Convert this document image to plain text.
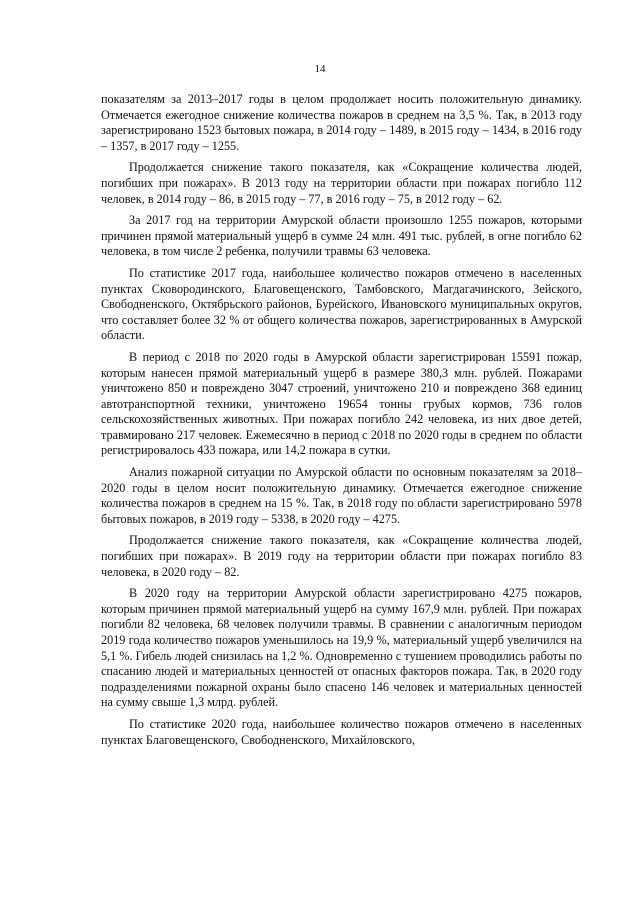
14

показателям за 2013–2017 годы в целом продолжает носить положительную динамику. Отмечается ежегодное снижение количества пожаров в среднем на 3,5 %. Так, в 2013 году зарегистрировано 1523 бытовых пожара, в 2014 году – 1489, в 2015 году – 1434, в 2016 году – 1357, в 2017 году – 1255.

Продолжается снижение такого показателя, как «Сокращение количества людей, погибших при пожарах». В 2013 году на территории области при пожарах погибло 112 человек, в 2014 году – 86, в 2015 году – 77, в 2016 году – 75, в 2012 году – 62.

За 2017 год на территории Амурской области произошло 1255 пожаров, которыми причинен прямой материальный ущерб в сумме 24 млн. 491 тыс. рублей, в огне погибло 62 человека, в том числе 2 ребенка, получили травмы 63 человека.

По статистике 2017 года, наибольшее количество пожаров отмечено в населенных пунктах Сковородинского, Благовещенского, Тамбовского, Магдагачинского, Зейского, Свободненского, Октябрьского районов, Бурейского, Ивановского муниципальных округов, что составляет более 32 % от общего количества пожаров, зарегистрированных в Амурской области.

В период с 2018 по 2020 годы в Амурской области зарегистрирован 15591 пожар, которым нанесен прямой материальный ущерб в размере 380,3 млн. рублей. Пожарами уничтожено 850 и повреждено 3047 строений, уничтожено 210 и повреждено 368 единиц автотранспортной техники, уничтожено 19654 тонны грубых кормов, 736 голов сельскохозяйственных животных. При пожарах погибло 242 человека, из них двое детей, травмировано 217 человек. Ежемесячно в период с 2018 по 2020 годы в среднем по области регистрировалось 433 пожара, или 14,2 пожара в сутки.

Анализ пожарной ситуации по Амурской области по основным показателям за 2018–2020 годы в целом носит положительную динамику. Отмечается ежегодное снижение количества пожаров в среднем на 15 %. Так, в 2018 году по области зарегистрировано 5978 бытовых пожаров, в 2019 году – 5338, в 2020 году – 4275.

Продолжается снижение такого показателя, как «Сокращение количества людей, погибших при пожарах». В 2019 году на территории области при пожарах погибло 83 человека, в 2020 году – 82.

В 2020 году на территории Амурской области зарегистрировано 4275 пожаров, которым причинен прямой материальный ущерб на сумму 167,9 млн. рублей. При пожарах погибли 82 человека, 68 человек получили травмы. В сравнении с аналогичным периодом 2019 года количество пожаров уменьшилось на 19,9 %, материальный ущерб увеличился на 5,1 %. Гибель людей снизилась на 1,2 %. Одновременно с тушением проводились работы по спасанию людей и материальных ценностей от опасных факторов пожара. Так, в 2020 году подразделениями пожарной охраны было спасено 146 человек и материальных ценностей на сумму свыше 1,3 млрд. рублей.

По статистике 2020 года, наибольшее количество пожаров отмечено в населенных пунктах Благовещенского, Свободненского, Михайловского,
